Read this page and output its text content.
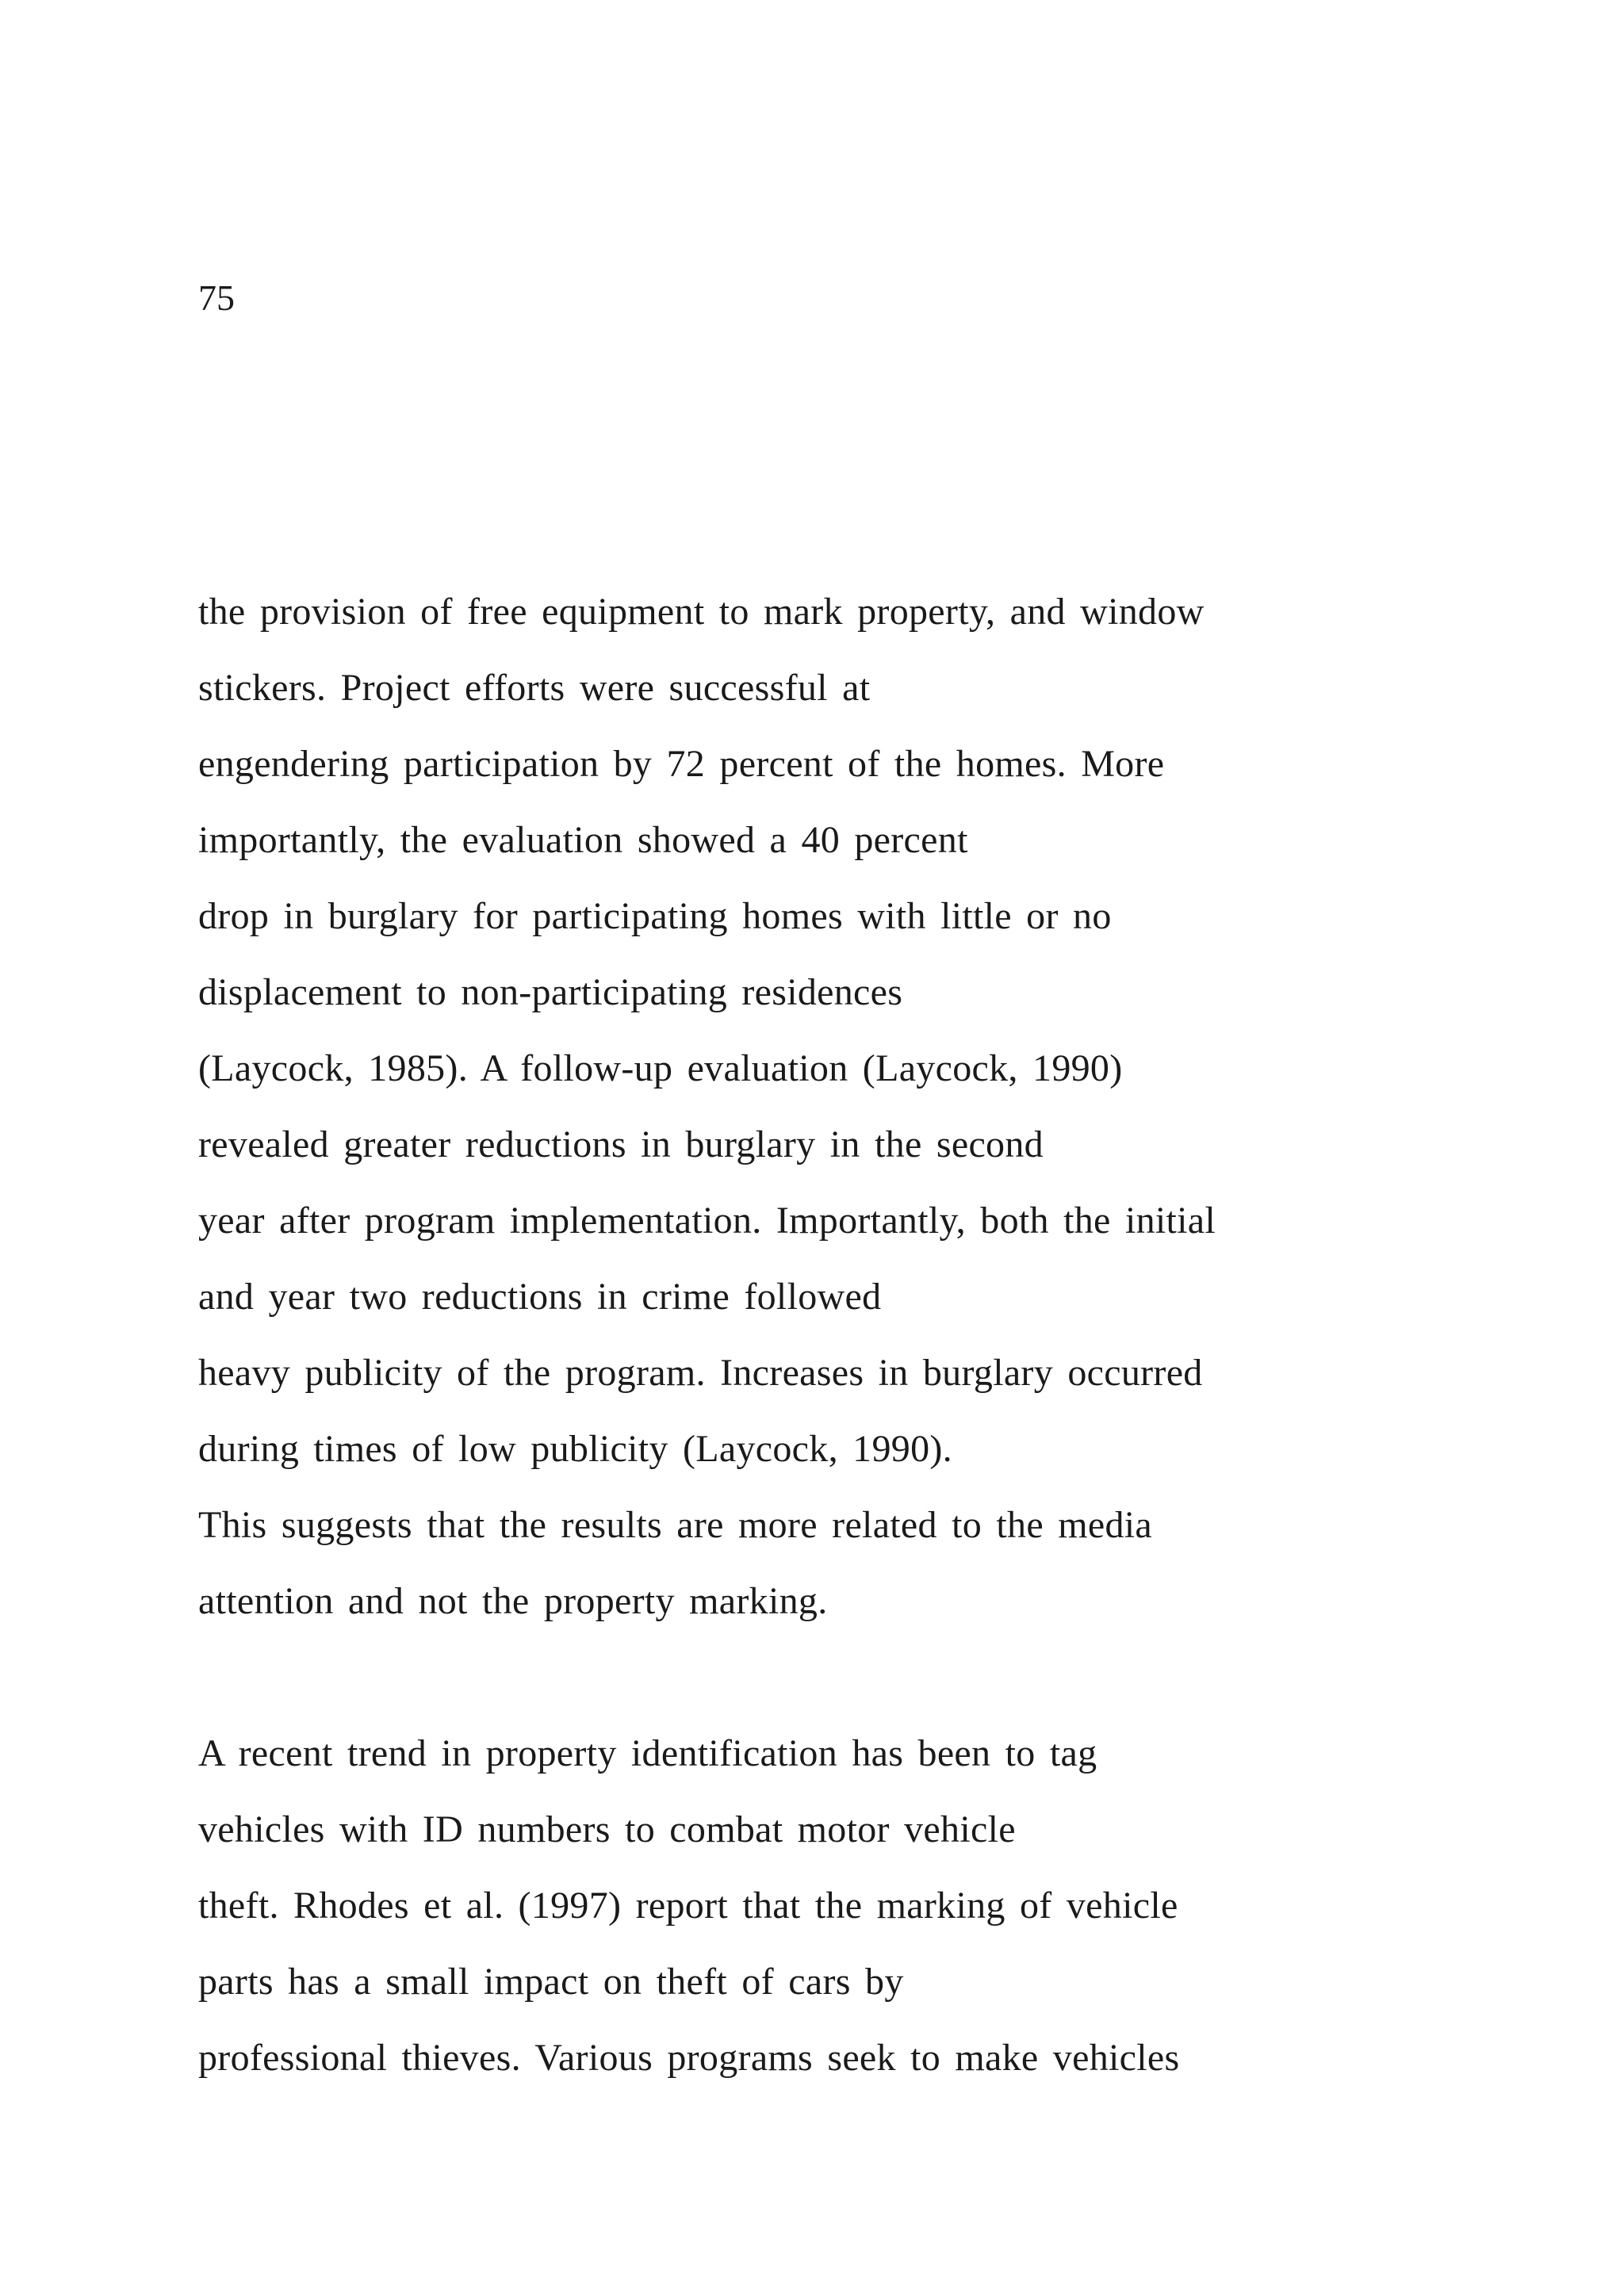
75
the provision of free equipment to mark property, and window
stickers. Project efforts were successful at
engendering participation by 72 percent of the homes. More
importantly, the evaluation showed a 40 percent
drop in burglary for participating homes with little or no
displacement to non-participating residences
(Laycock, 1985). A follow-up evaluation (Laycock, 1990)
revealed greater reductions in burglary in the second
year after program implementation. Importantly, both the initial
and year two reductions in crime followed
heavy publicity of the program. Increases in burglary occurred
during times of low publicity (Laycock, 1990).
This suggests that the results are more related to the media
attention and not the property marking.
A recent trend in property identification has been to tag
vehicles with ID numbers to combat motor vehicle
theft. Rhodes et al. (1997) report that the marking of vehicle
parts has a small impact on theft of cars by
professional thieves. Various programs seek to make vehicles
